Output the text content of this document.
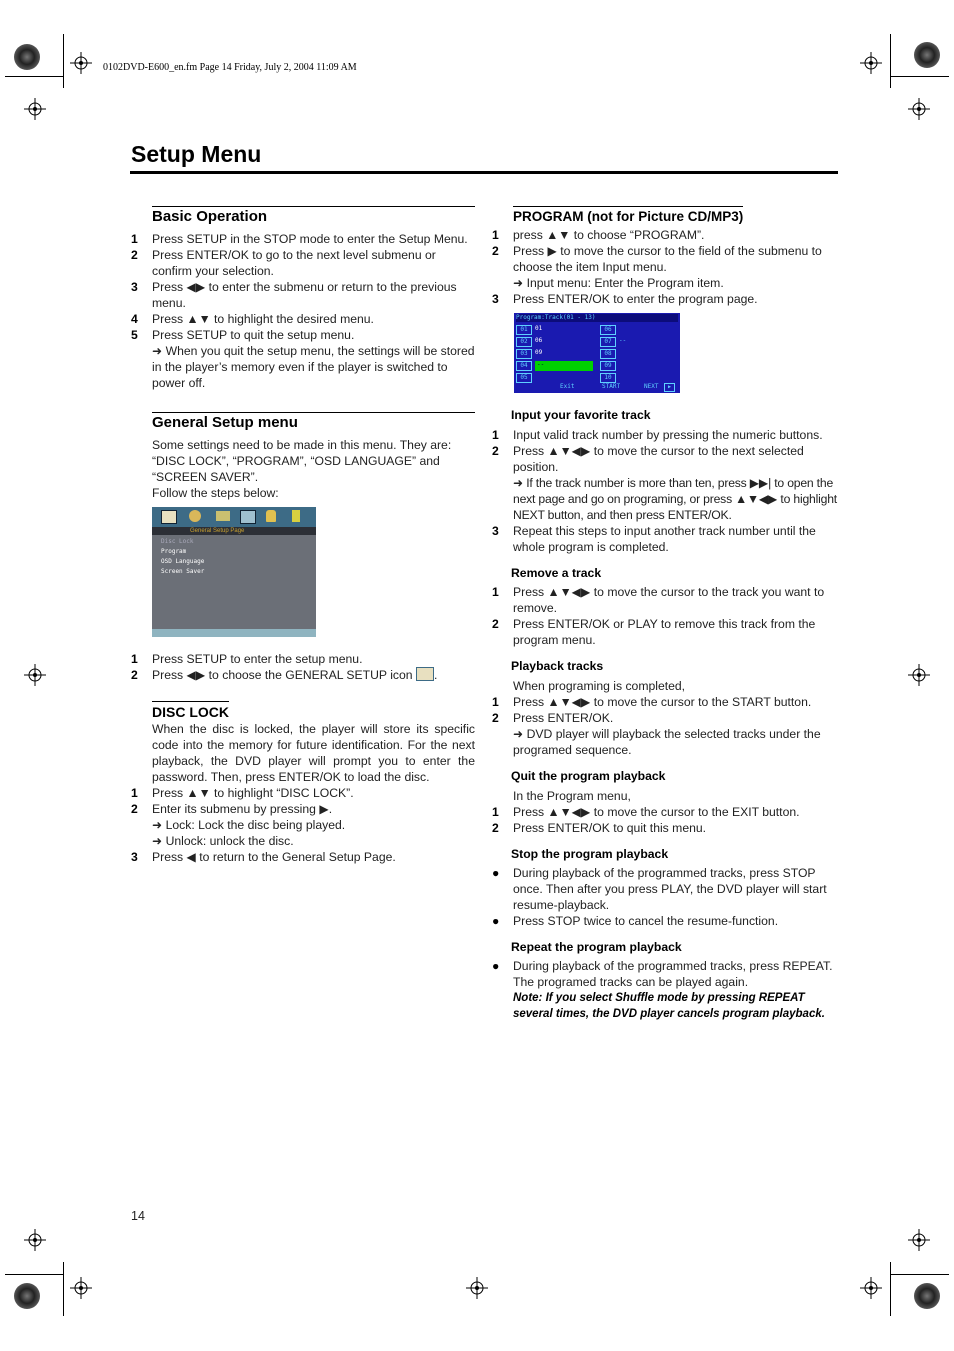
0102DVD-E600_en.fm Page 14 Friday, July 2, 2004 11:09 AM
Setup Menu
Basic Operation
1 Press SETUP in the STOP mode to enter the Setup Menu.
2 Press ENTER/OK to go to the next level submenu or confirm your selection.
3 Press ◀▶ to enter the submenu or return to the previous menu.
4 Press ▲▼ to highlight the desired menu.
5 Press SETUP to quit the setup menu.
➜ When you quit the setup menu, the settings will be stored in the player’s memory even if the player is switched to power off.
General Setup menu
Some settings need to be made in this menu. They are: “DISC LOCK”, “PROGRAM”, “OSD LANGUAGE” and “SCREEN SAVER”.
Follow the steps below:
General Setup Page
Disc Lock
Program
OSD Language
Screen Saver
1 Press SETUP to enter the setup menu.
2 Press ◀▶ to choose the GENERAL SETUP icon .
DISC LOCK
When the disc is locked, the player will store its specific code into the memory for future identification. For the next playback, the DVD player will prompt you to enter the password. Then, press ENTER/OK to load the disc.
1 Press ▲▼ to highlight “DISC LOCK”.
2 Enter its submenu by pressing ▶.
➜ Lock: Lock the disc being played.
➜ Unlock: unlock the disc.
3 Press ◀ to return to the General Setup Page.
PROGRAM (not for Picture CD/MP3)
1 press ▲▼ to choose “PROGRAM”.
2 Press ▶ to move the cursor to the field of the submenu to choose the item Input menu.
➜ Input menu: Enter the Program item.
3 Press ENTER/OK to enter the program page.
Program:Track(01 - 13)
01	01
02	06
03	09
04	--
05
06
07	--
08
09
10
Exit	START	NEXT	▶
Input your favorite track
1 Input valid track number by pressing the numeric buttons.
2 Press ▲▼◀▶ to move the cursor to the next selected position.
➜ If the track number is more than ten, press ▶▶| to open the next page and go on programing, or press ▲▼◀▶ to highlight NEXT button, and then press ENTER/OK.
3 Repeat this steps to input another track number until the whole program is completed.
Remove a track
1 Press ▲▼◀▶ to move the cursor to the track you want to remove.
2 Press ENTER/OK or PLAY to remove this track from the program menu.
Playback tracks
When programing is completed,
1 Press ▲▼◀▶ to move the cursor to the START button.
2 Press ENTER/OK.
➜ DVD player will playback the selected tracks under the programed sequence.
Quit the program playback
In the Program menu,
1 Press ▲▼◀▶ to move the cursor to the EXIT button.
2 Press ENTER/OK to quit this menu.
Stop the program playback
● During playback of the programmed tracks, press STOP once. Then after you press PLAY, the DVD player will start resume-playback.
● Press STOP twice to cancel the resume-function.
Repeat the program playback
● During playback of the programmed tracks, press REPEAT. The programed tracks can be played again.
Note: If you select Shuffle mode by pressing REPEAT several times, the DVD player cancels program playback.
14
